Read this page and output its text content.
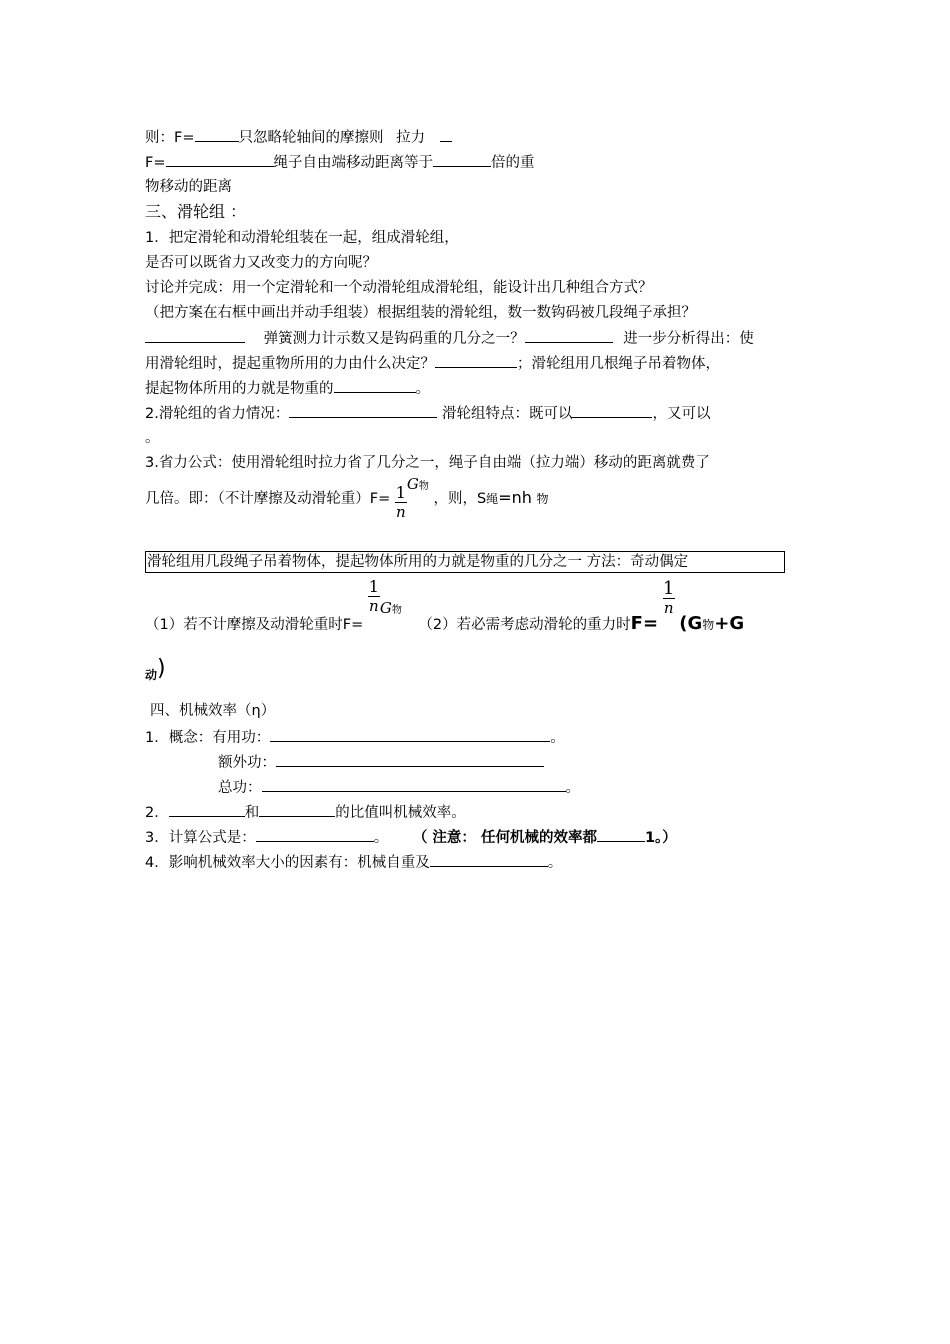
则：F=	只忽略轮轴间的摩擦则 拉力
F=	绳子自由端移动距离等于	倍的重
物移动的距离
三、滑轮组 ：
1．把定滑轮和动滑轮组装在一起，组成滑轮组，
是否可以既省力又改变力的方向呢？
讨论并完成：用一个定滑轮和一个动滑轮组成滑轮组，能设计出几种组合方式？
（把方案在右框中画出并动手组装）根据组装的滑轮组，数一数钩码被几段绳子承担？
弹簧测力计示数又是钩码重的几分之一？	进一步分析得出：使
用滑轮组时，提起重物所用的力由什么决定？	；滑轮组用几根绳子吊着物体，
提起物体所用的力就是物重的	。
2.滑轮组的省力情况：	滑轮组特点：既可以	，又可以
。
3.省力公式：使用滑轮组时拉力省了几分之一，绳子自由端（拉力端）移动的距离就费了
几倍。即：（不计摩擦及动滑轮重）$F= \frac{1}{n}$ G物 ，则，S绳=nh 物
滑轮组用几段绳子吊着物体，提起物体所用的力就是物重的几分之一 方法：奇动偶定
（1）若不计摩擦及动滑轮重时F=
$\frac{1}{n}$ G物 （2）若必需考虑动滑轮的重力时F=
$\frac{1}{n}$
($G_物+G$
动)
四、机械效率（η）
1．概念：有用功：	。
额外功：
总功：	。
2．	和	的比值叫机械效率。
3．计算公式是：	。 （ 注意： 任何机械的效率都	1。）
4．影响机械效率大小的因素有：机械自重及	。
